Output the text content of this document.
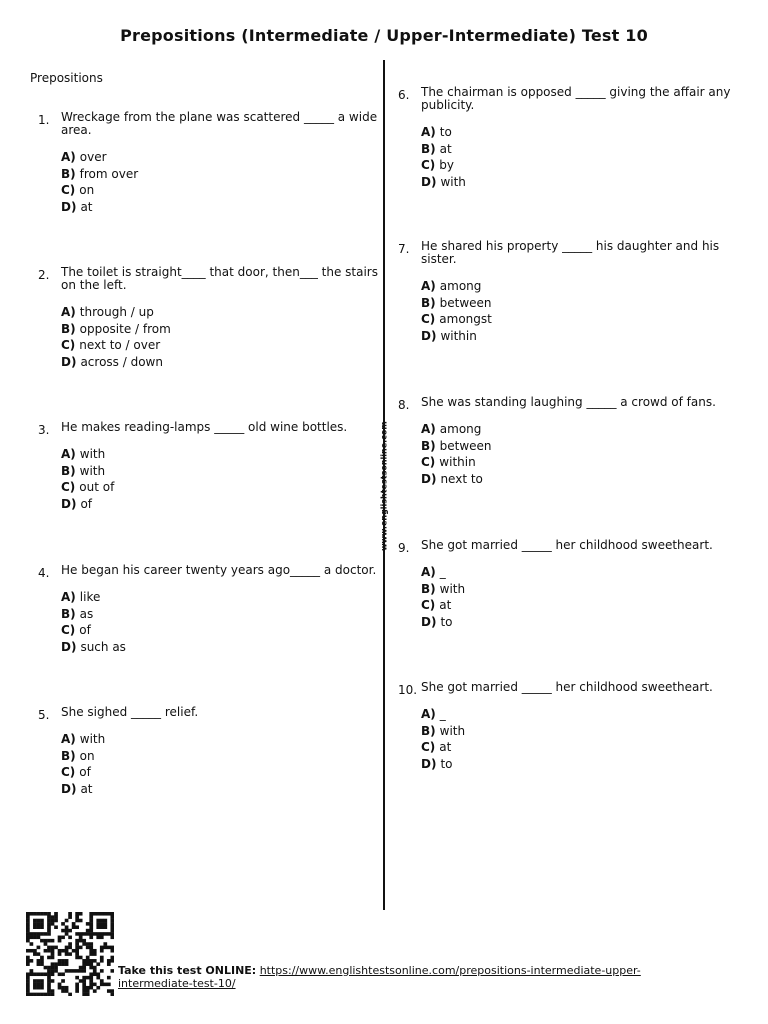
Prepositions (Intermediate / Upper-Intermediate) Test 10
Prepositions
www.englishtestsonline.com
1. Wreckage from the plane was scattered _____ a wide area.
A) over
B) from over
C) on
D) at
2. The toilet is straight____ that door, then___ the stairs on the left.
A) through / up
B) opposite / from
C) next to / over
D) across / down
3. He makes reading-lamps _____ old wine bottles.
A) with
B) with
C) out of
D) of
4. He began his career twenty years ago_____ a doctor.
A) like
B) as
C) of
D) such as
5. She sighed _____ relief.
A) with
B) on
C) of
D) at
6. The chairman is opposed _____ giving the affair any publicity.
A) to
B) at
C) by
D) with
7. He shared his property _____ his daughter and his sister.
A) among
B) between
C) amongst
D) within
8. She was standing laughing _____ a crowd of fans.
A) among
B) between
C) within
D) next to
9. She got married _____ her childhood sweetheart.
A) _
B) with
C) at
D) to
10. She got married _____ her childhood sweetheart.
A) _
B) with
C) at
D) to
Take this test ONLINE: https://www.englishtestsonline.com/prepositions-intermediate-upper-intermediate-test-10/
